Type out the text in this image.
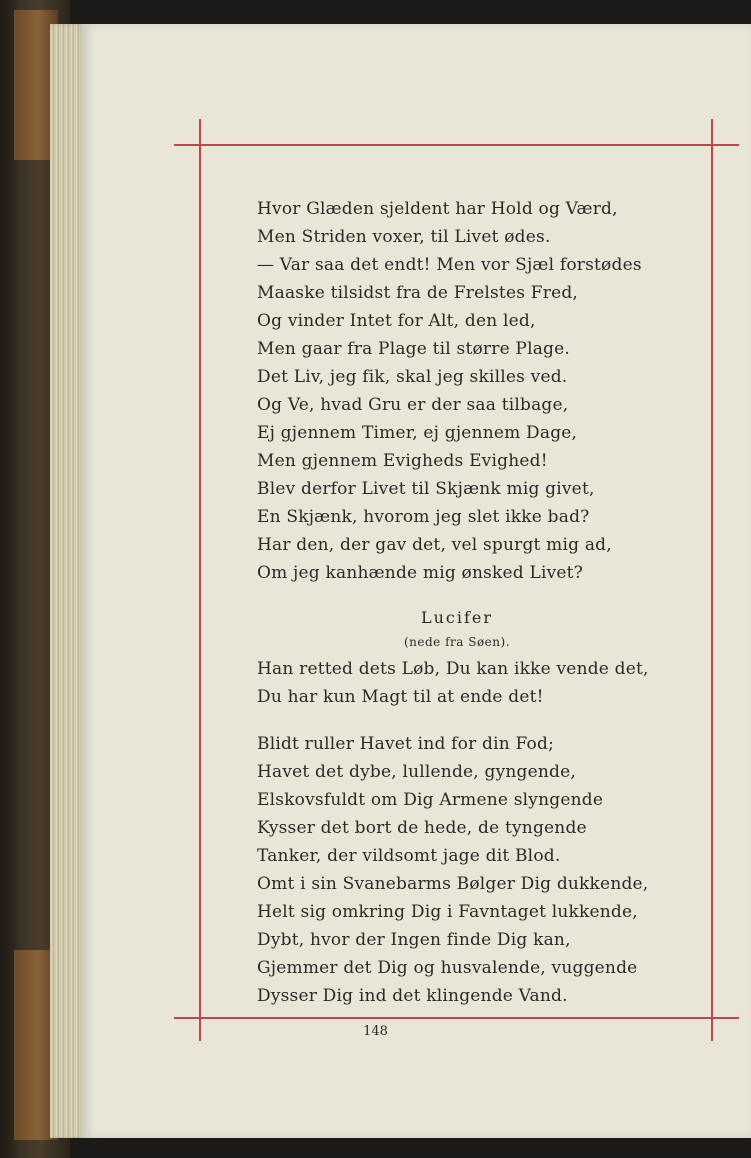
Hvor Glæden sjeldent har Hold og Værd,
Men Striden voxer, til Livet ødes.
— Var saa det endt! Men vor Sjæl forstødes
Maaske tilsidst fra de Frelstes Fred,
Og vinder Intet for Alt, den led,
Men gaar fra Plage til større Plage.
Det Liv, jeg fik, skal jeg skilles ved.
Og Ve, hvad Gru er der saa tilbage,
Ej gjennem Timer, ej gjennem Dage,
Men gjennem Evigheds Evighed!
Blev derfor Livet til Skjænk mig givet,
En Skjænk, hvorom jeg slet ikke bad?
Har den, der gav det, vel spurgt mig ad,
Om jeg kanhænde mig ønsked Livet?
Lucifer
(nede fra Søen).
Han retted dets Løb, Du kan ikke vende det,
Du har kun Magt til at ende det!
Blidt ruller Havet ind for din Fod;
Havet det dybe, lullende, gyngende,
Elskovsfuldt om Dig Armene slyngende
Kysser det bort de hede, de tyngende
Tanker, der vildsomt jage dit Blod.
Omt i sin Svanebarms Bølger Dig dukkende,
Helt sig omkring Dig i Favntaget lukkende,
Dybt, hvor der Ingen finde Dig kan,
Gjemmer det Dig og husvalende, vuggende
Dysser Dig ind det klingende Vand.
148
